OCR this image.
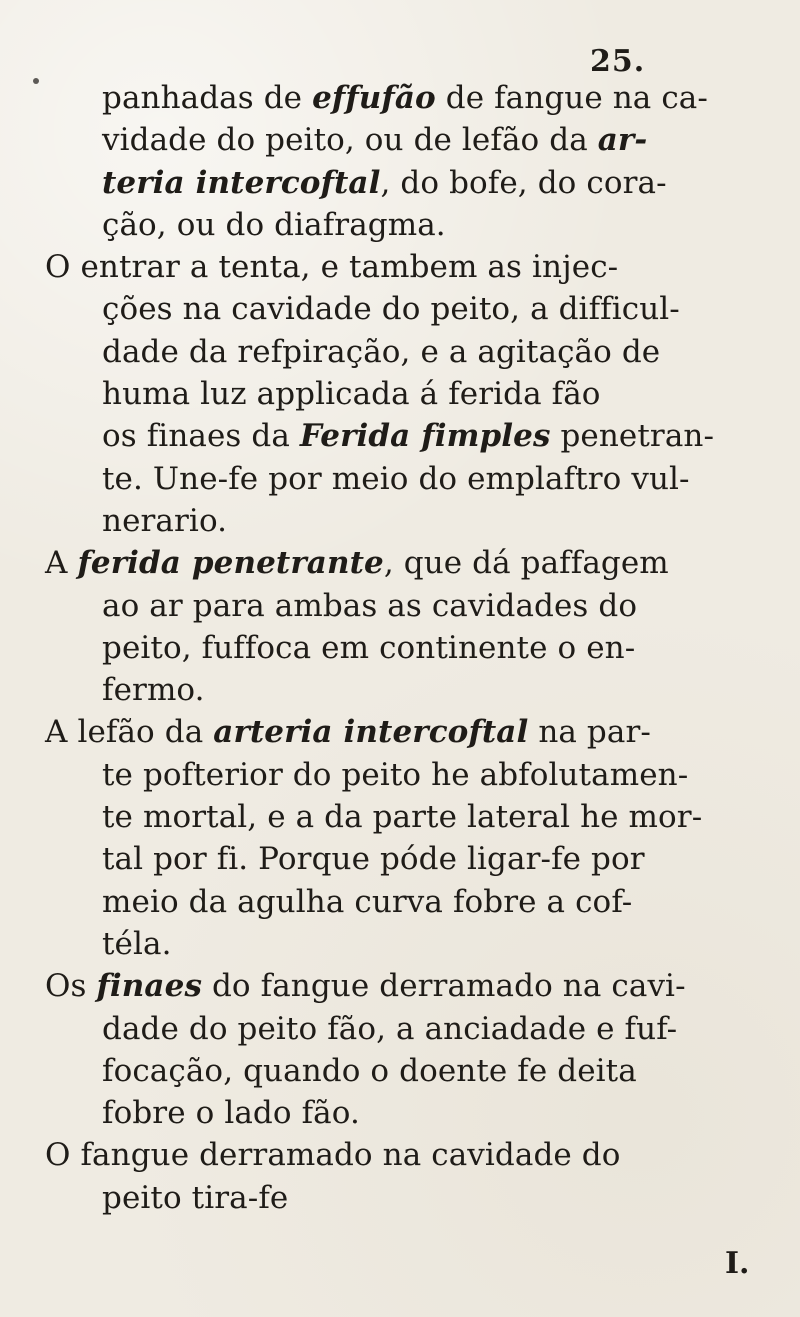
25.
panhadas de effufão de fangue na ca-
vidade do peito, ou de lefão da ar-
teria intercoftal, do bofe, do cora-
ção, ou do diafragma.
O entrar a tenta, e tambem as injec-
ções na cavidade do peito, a difficul-
dade da refpiração, e a agitação de
huma luz applicada á ferida fão
os finaes da Ferida fimples penetran-
te. Une-fe por meio do emplaftro vul-
nerario.
A ferida penetrante, que dá paffagem
ao ar para ambas as cavidades do
peito, fuffoca em continente o en-
fermo.
A lefão da arteria intercoftal na par-
te pofterior do peito he abfolutamen-
te mortal, e a da parte lateral he mor-
tal por fi. Porque póde ligar-fe por
meio da agulha curva fobre a cof-
téla.
Os finaes do fangue derramado na cavi-
dade do peito fão, a anciadade e fuf-
focação, quando o doente fe deita
fobre o lado fão.
O fangue derramado na cavidade do
peito tira-fe
I.
